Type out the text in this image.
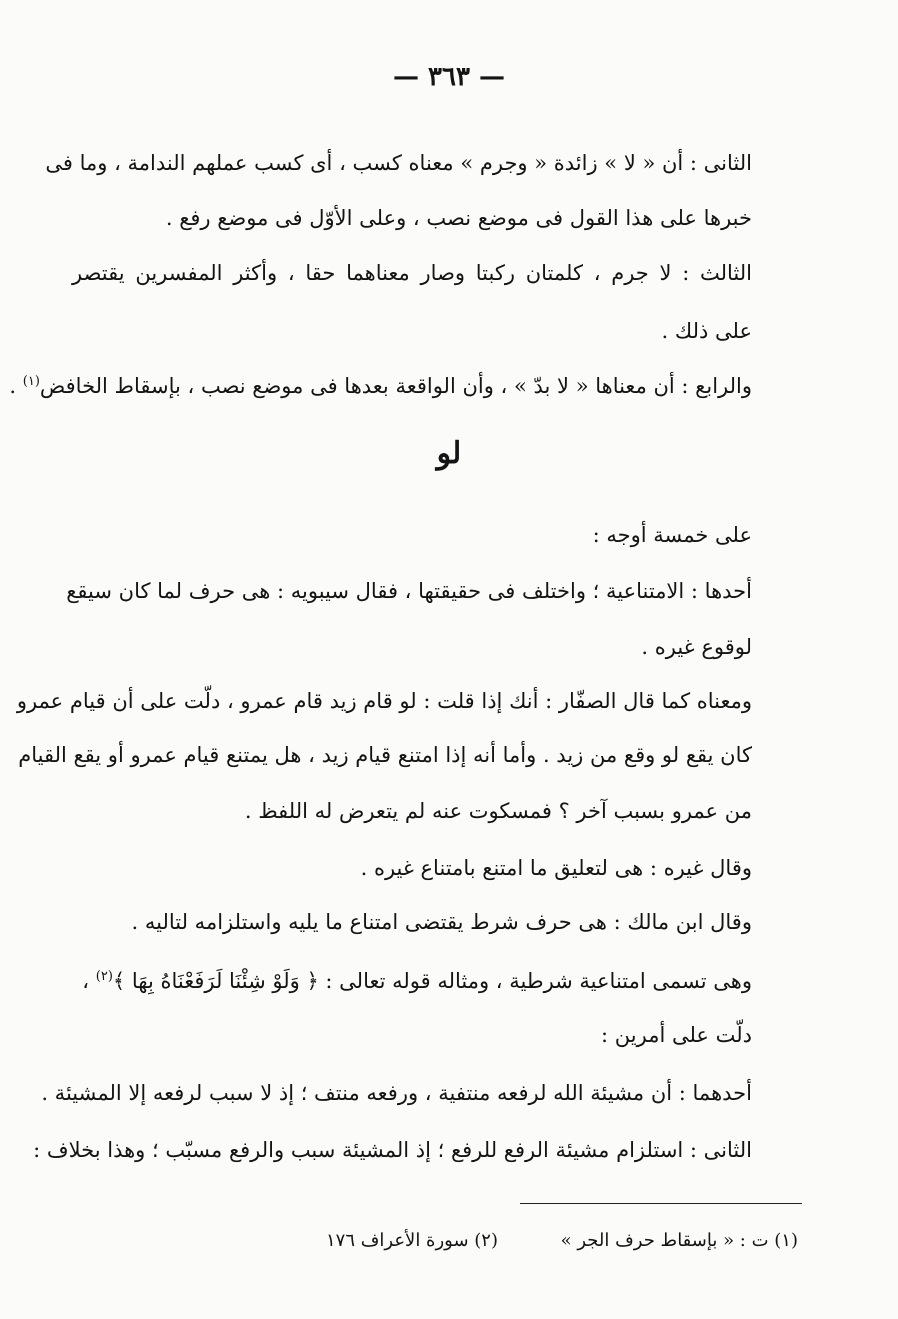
— ٣٦٣ —
الثانى : أن « لا » زائدة « وجرم » معناه كسب ، أى كسب عملهم الندامة ، وما فى
خبرها على هذا القول فى موضع نصب ، وعلى الأوّل فى موضع رفع .
الثالث : لا جرم ، كلمتان ركبتا وصار معناهما حقا ، وأكثر المفسرين يقتصر
على ذلك .
والرابع : أن معناها « لا بدّ » ، وأن الواقعة بعدها فى موضع نصب ، بإسقاط الخافض$^{(١)}$ .
لو
على خمسة أوجه :
أحدها : الامتناعية ؛ واختلف فى حقيقتها ، فقال سيبويه : هى حرف لما كان سيقع
لوقوع غيره .
ومعناه كما قال الصفّار : أنك إذا قلت : لو قام زيد قام عمرو ، دلّت على أن قيام عمرو
كان يقع لو وقع من زيد . وأما أنه إذا امتنع قيام زيد ، هل يمتنع قيام عمرو أو يقع القيام
من عمرو بسبب آخر ؟ فمسكوت عنه لم يتعرض له اللفظ .
وقال غيره : هى لتعليق ما امتنع بامتناع غيره .
وقال ابن مالك : هى حرف شرط يقتضى امتناع ما يليه واستلزامه لتاليه .
وهى تسمى امتناعية شرطية ، ومثاله قوله تعالى : ﴿ وَلَوْ شِئْنَا لَرَفَعْنَاهُ بِهَا ﴾$^{(٢)}$ ،
دلّت على أمرين :
أحدهما : أن مشيئة الله لرفعه منتفية ، ورفعه منتف ؛ إذ لا سبب لرفعه إلا المشيئة .
الثانى : استلزام مشيئة الرفع للرفع ؛ إذ المشيئة سبب والرفع مسبّب ؛ وهذا بخلاف :
(١) ت : « بإسقاط حرف الجر »
(٢) سورة الأعراف ١٧٦
